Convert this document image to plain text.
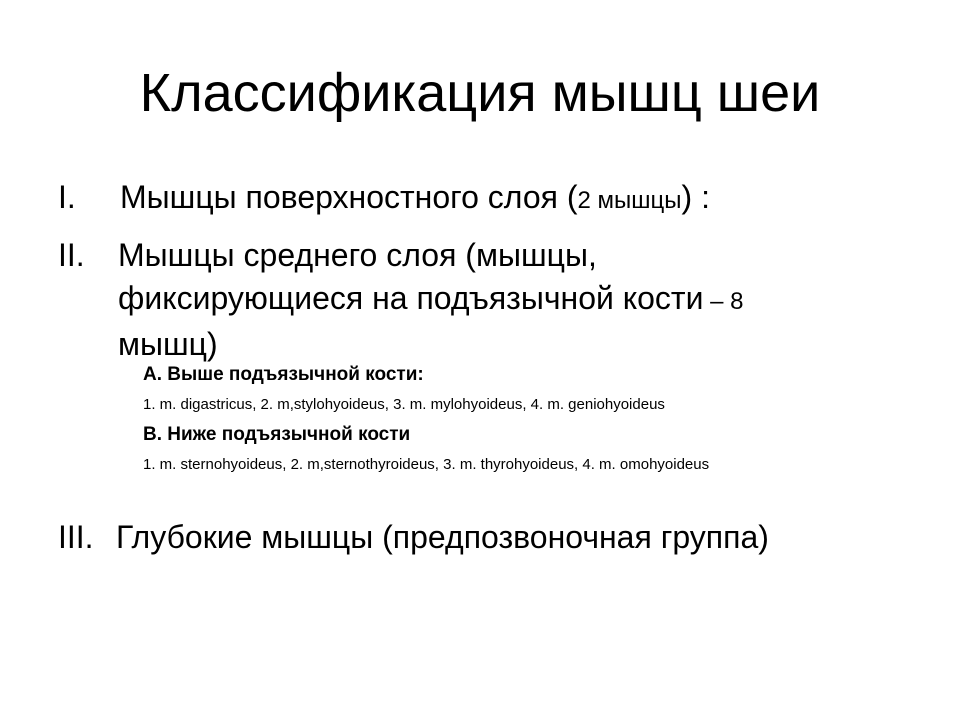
Классификация мышц шеи
I. Мышцы поверхностного слоя (2 мышцы) :
II. Мышцы среднего слоя (мышцы,
фиксирующиеся на подъязычной кости – 8
мышц)
А. Выше подъязычной кости:
1. m. digastricus, 2. m,stylohyoideus, 3. m. mylohyoideus, 4. m. geniohyoideus
В. Ниже подъязычной кости
1. m. sternohyoideus, 2. m,sternothyroideus, 3. m. thyrohyoideus, 4. m. omohyoideus
III. Глубокие мышцы (предпозвоночная группа)
